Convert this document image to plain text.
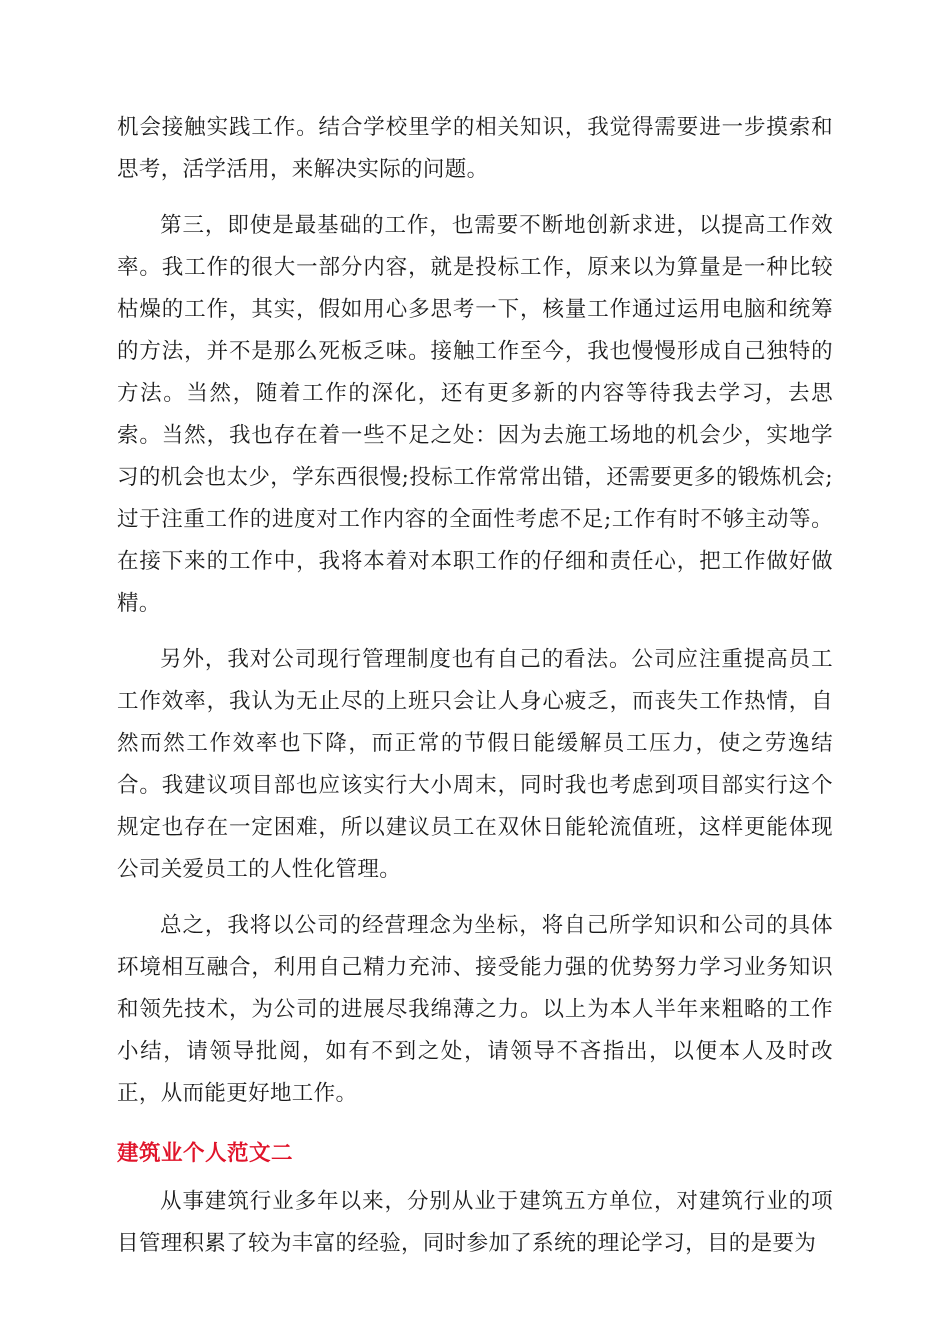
机会接触实践工作。结合学校里学的相关知识，我觉得需要进一步摸索和思考，活学活用，来解决实际的问题。

第三，即使是最基础的工作，也需要不断地创新求进，以提高工作效率。我工作的很大一部分内容，就是投标工作，原来以为算量是一种比较枯燥的工作，其实，假如用心多思考一下，核量工作通过运用电脑和统筹的方法，并不是那么死板乏味。接触工作至今，我也慢慢形成自己独特的方法。当然，随着工作的深化，还有更多新的内容等待我去学习，去思索。当然，我也存在着一些不足之处：因为去施工场地的机会少，实地学习的机会也太少，学东西很慢;投标工作常常出错，还需要更多的锻炼机会;过于注重工作的进度对工作内容的全面性考虑不足;工作有时不够主动等。在接下来的工作中，我将本着对本职工作的仔细和责任心，把工作做好做精。

另外，我对公司现行管理制度也有自己的看法。公司应注重提高员工工作效率，我认为无止尽的上班只会让人身心疲乏，而丧失工作热情，自然而然工作效率也下降，而正常的节假日能缓解员工压力，使之劳逸结合。我建议项目部也应该实行大小周末，同时我也考虑到项目部实行这个规定也存在一定困难，所以建议员工在双休日能轮流值班，这样更能体现公司关爱员工的人性化管理。

总之，我将以公司的经营理念为坐标，将自己所学知识和公司的具体环境相互融合，利用自己精力充沛、接受能力强的优势努力学习业务知识和领先技术，为公司的进展尽我绵薄之力。以上为本人半年来粗略的工作小结，请领导批阅，如有不到之处，请领导不吝指出，以便本人及时改正，从而能更好地工作。

建筑业个人范文二

从事建筑行业多年以来，分别从业于建筑五方单位，对建筑行业的项目管理积累了较为丰富的经验，同时参加了系统的理论学习，目的是要为
